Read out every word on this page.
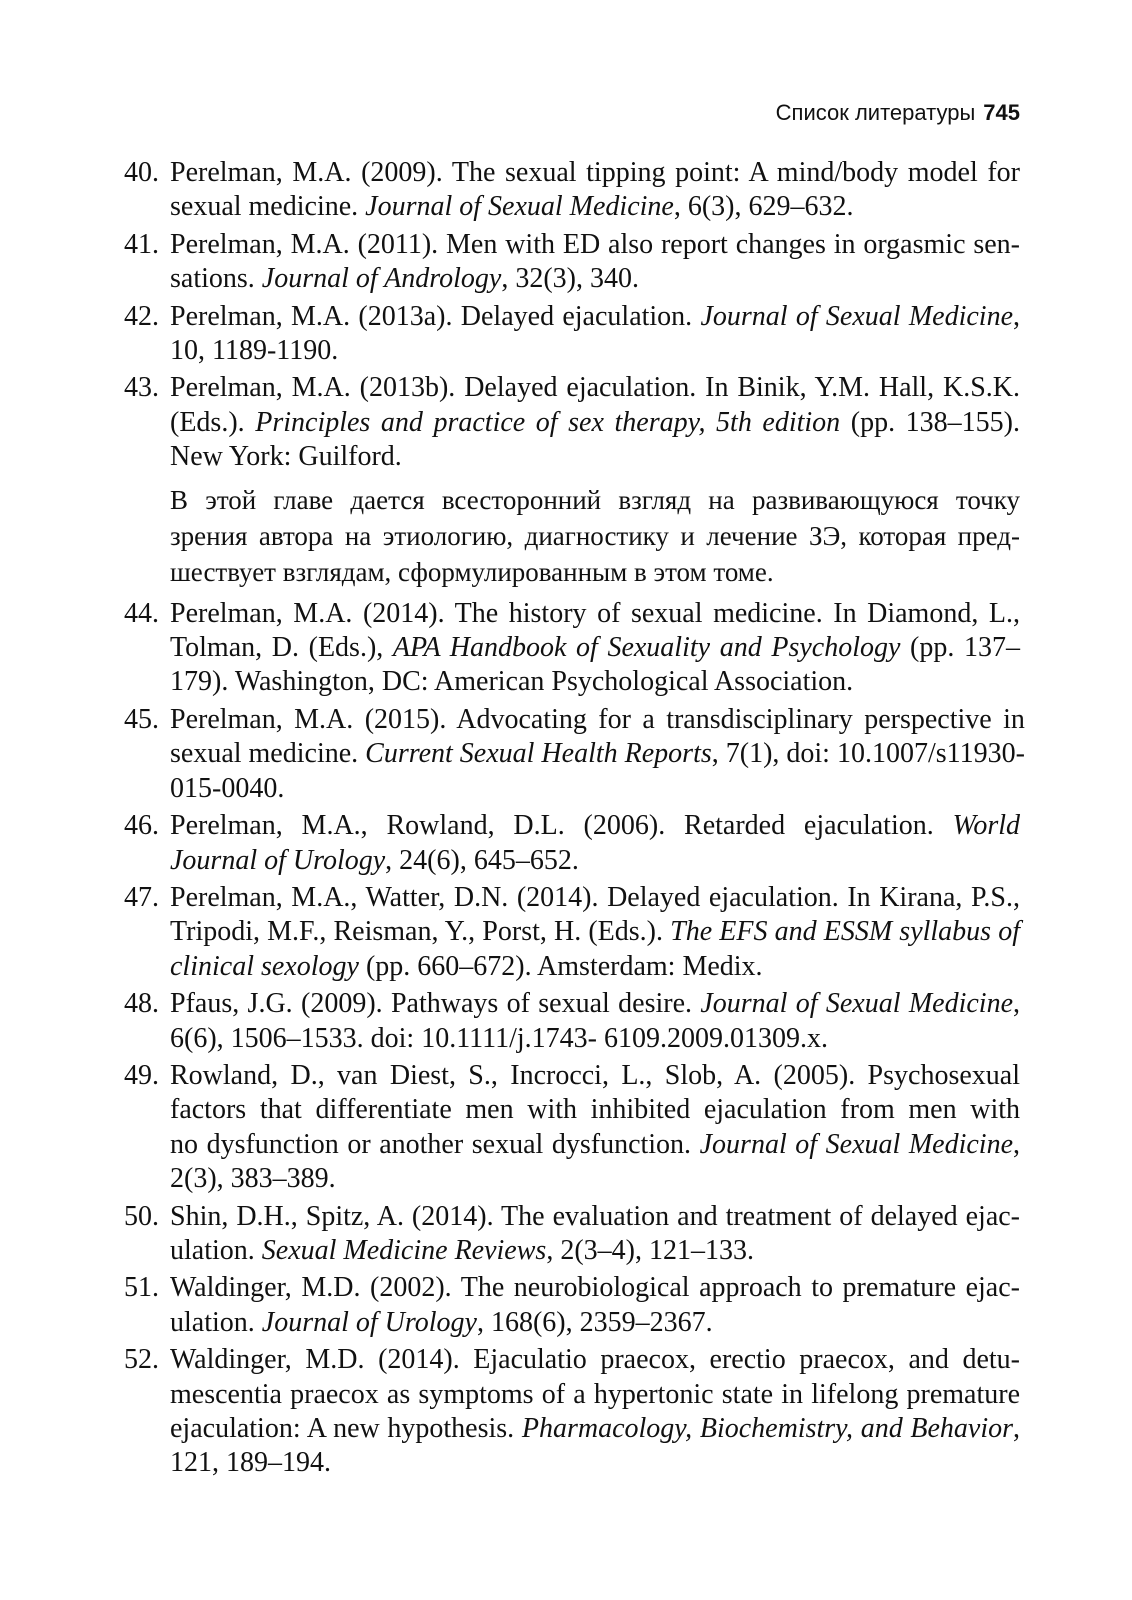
Список литературы 745
40. Perelman, M.A. (2009). The sexual tipping point: A mind/body model for
sexual medicine. Journal of Sexual Medicine, 6(3), 629–632.
41. Perelman, M.A. (2011). Men with ED also report changes in orgasmic sen-
sations. Journal of Andrology, 32(3), 340.
42. Perelman, M.A. (2013a). Delayed ejaculation. Journal of Sexual Medicine,
10, 1189-1190.
43. Perelman, M.A. (2013b). Delayed ejaculation. In Binik, Y.M. Hall, K.S.K.
(Eds.). Principles and practice of sex therapy, 5th edition (pp. 138–155).
New York: Guilford.
В этой главе дается всесторонний взгляд на развивающуюся точку
зрения автора на этиологию, диагностику и лечение ЗЭ, которая пред-
шествует взглядам, сформулированным в этом томе.
44. Perelman, M.A. (2014). The history of sexual medicine. In Diamond, L.,
Tolman, D. (Eds.), APA Handbook of Sexuality and Psychology (pp. 137–
179). Washington, DC: American Psychological Association.
45. Perelman, M.A. (2015). Advocating for a transdisciplinary perspective in
sexual medicine. Current Sexual Health Reports, 7(1), doi: 10.1007/s11930-
015-0040.
46. Perelman, M.A., Rowland, D.L. (2006). Retarded ejaculation. World
Journal of Urology, 24(6), 645–652.
47. Perelman, M.A., Watter, D.N. (2014). Delayed ejaculation. In Kirana, P.S.,
Tripodi, M.F., Reisman, Y., Porst, H. (Eds.). The EFS and ESSM syllabus of
clinical sexology (pp. 660–672). Amsterdam: Medix.
48. Pfaus, J.G. (2009). Pathways of sexual desire. Journal of Sexual Medicine,
6(6), 1506–1533. doi: 10.1111/j.1743- 6109.2009.01309.x.
49. Rowland, D., van Diest, S., Incrocci, L., Slob, A. (2005). Psychosexual
factors that differentiate men with inhibited ejaculation from men with
no dysfunction or another sexual dysfunction. Journal of Sexual Medicine,
2(3), 383–389.
50. Shin, D.H., Spitz, A. (2014). The evaluation and treatment of delayed ejac-
ulation. Sexual Medicine Reviews, 2(3–4), 121–133.
51. Waldinger, M.D. (2002). The neurobiological approach to premature ejac-
ulation. Journal of Urology, 168(6), 2359–2367.
52. Waldinger, M.D. (2014). Ejaculatio praecox, erectio praecox, and detu-
mescentia praecox as symptoms of a hypertonic state in lifelong premature
ejaculation: A new hypothesis. Pharmacology, Biochemistry, and Behavior,
121, 189–194.
